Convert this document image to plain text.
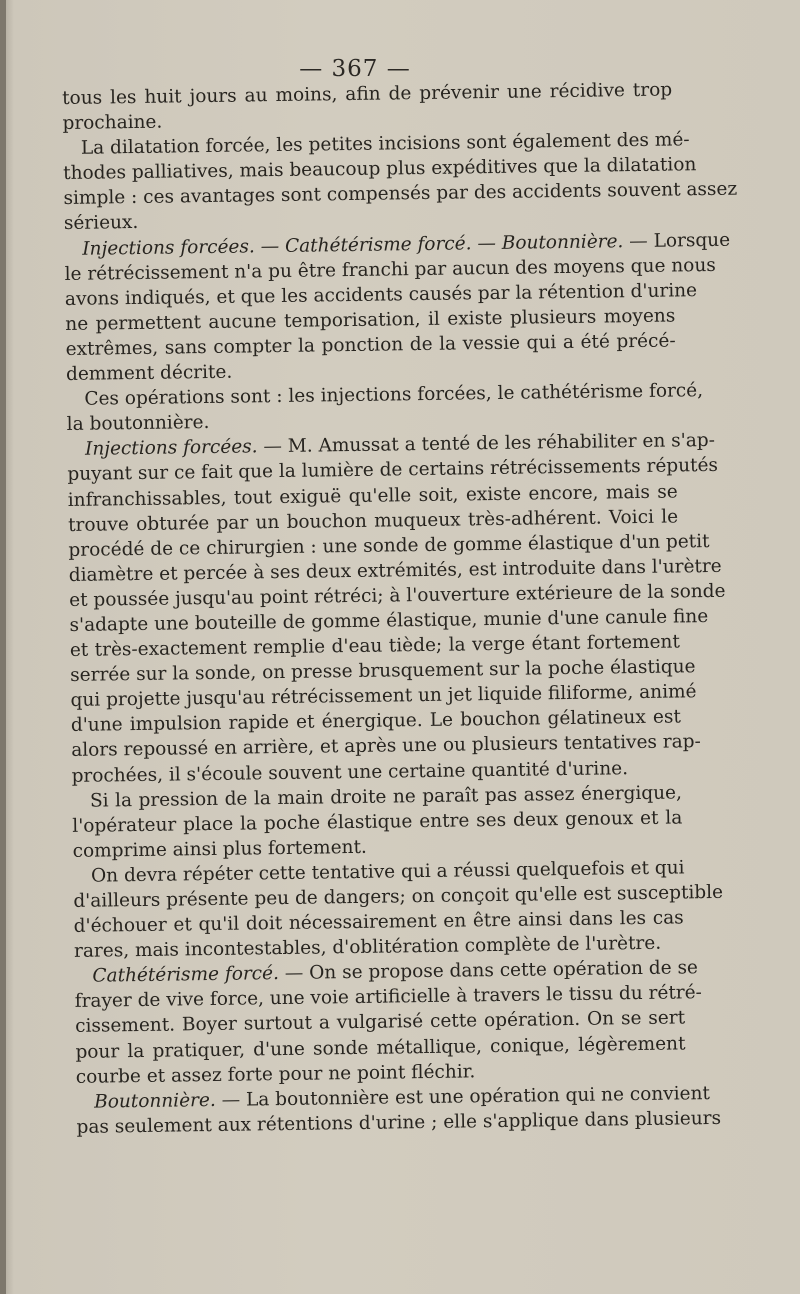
— 367 —
tous les huit jours au moins, afin de prévenir une récidive trop
prochaine.
La dilatation forcée, les petites incisions sont également des mé-
thodes palliatives, mais beaucoup plus expéditives que la dilatation
simple : ces avantages sont compensés par des accidents souvent assez
sérieux.
Injections forcées. — Cathétérisme forcé. — Boutonnière. — Lorsque
le rétrécissement n'a pu être franchi par aucun des moyens que nous
avons indiqués, et que les accidents causés par la rétention d'urine
ne permettent aucune temporisation, il existe plusieurs moyens
extrêmes, sans compter la ponction de la vessie qui a été précé-
demment décrite.
Ces opérations sont : les injections forcées, le cathétérisme forcé,
la boutonnière.
Injections forcées. — M. Amussat a tenté de les réhabiliter en s'ap-
puyant sur ce fait que la lumière de certains rétrécissements réputés
infranchissables, tout exiguë qu'elle soit, existe encore, mais se
trouve obturée par un bouchon muqueux très-adhérent. Voici le
procédé de ce chirurgien : une sonde de gomme élastique d'un petit
diamètre et percée à ses deux extrémités, est introduite dans l'urètre
et poussée jusqu'au point rétréci; à l'ouverture extérieure de la sonde
s'adapte une bouteille de gomme élastique, munie d'une canule fine
et très-exactement remplie d'eau tiède; la verge étant fortement
serrée sur la sonde, on presse brusquement sur la poche élastique
qui projette jusqu'au rétrécissement un jet liquide filiforme, animé
d'une impulsion rapide et énergique. Le bouchon gélatineux est
alors repoussé en arrière, et après une ou plusieurs tentatives rap-
prochées, il s'écoule souvent une certaine quantité d'urine.
Si la pression de la main droite ne paraît pas assez énergique,
l'opérateur place la poche élastique entre ses deux genoux et la
comprime ainsi plus fortement.
On devra répéter cette tentative qui a réussi quelquefois et qui
d'ailleurs présente peu de dangers; on conçoit qu'elle est susceptible
d'échouer et qu'il doit nécessairement en être ainsi dans les cas
rares, mais incontestables, d'oblitération complète de l'urètre.
Cathétérisme forcé. — On se propose dans cette opération de se
frayer de vive force, une voie artificielle à travers le tissu du rétré-
cissement. Boyer surtout a vulgarisé cette opération. On se sert
pour la pratiquer, d'une sonde métallique, conique, légèrement
courbe et assez forte pour ne point fléchir.
Boutonnière. — La boutonnière est une opération qui ne convient
pas seulement aux rétentions d'urine ; elle s'applique dans plusieurs
